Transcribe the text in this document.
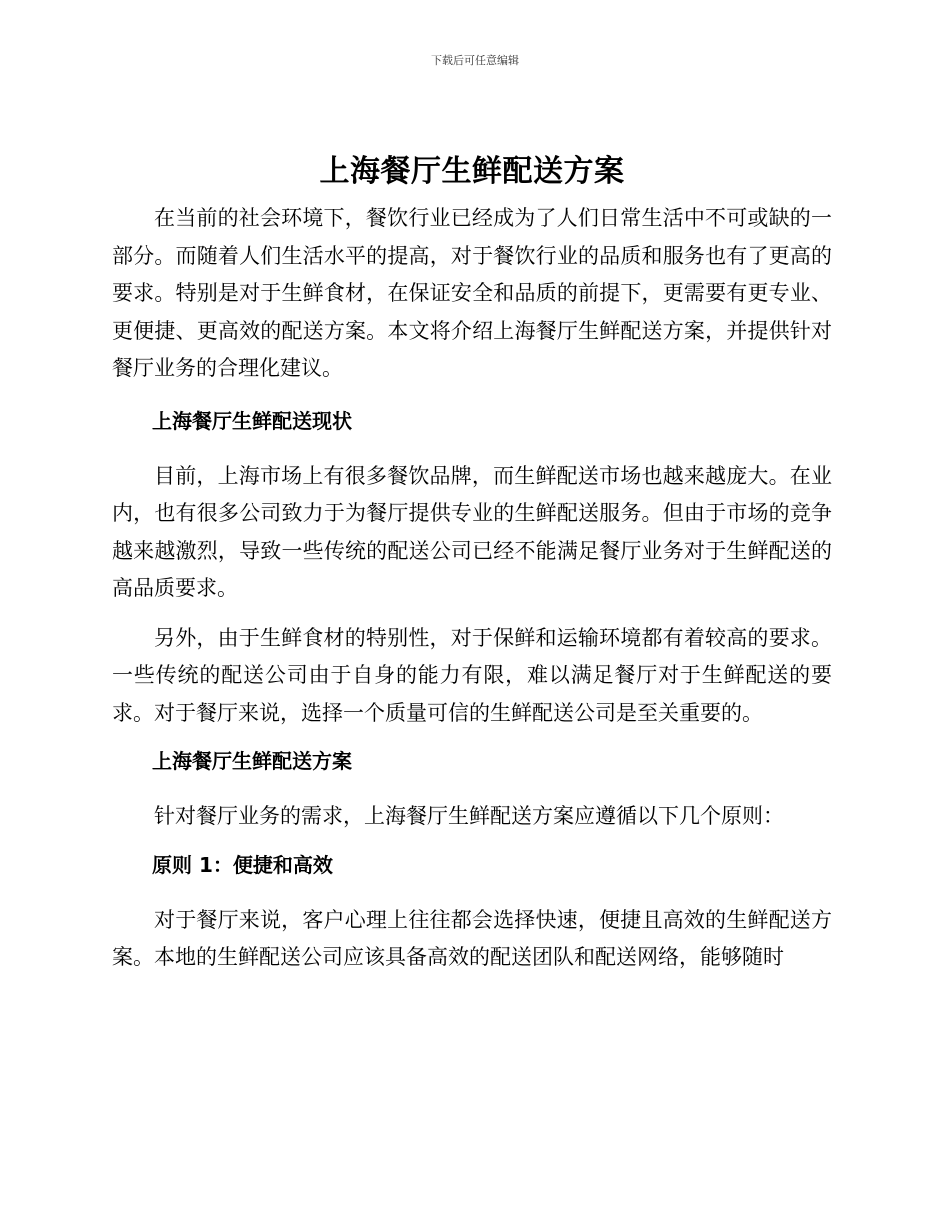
下载后可任意编辑
上海餐厅生鲜配送方案

在当前的社会环境下，餐饮行业已经成为了人们日常生活中不可或缺的一部分。而随着人们生活水平的提高，对于餐饮行业的品质和服务也有了更高的要求。特别是对于生鲜食材，在保证安全和品质的前提下，更需要有更专业、更便捷、更高效的配送方案。本文将介绍上海餐厅生鲜配送方案，并提供针对餐厅业务的合理化建议。

上海餐厅生鲜配送现状

目前，上海市场上有很多餐饮品牌，而生鲜配送市场也越来越庞大。在业内，也有很多公司致力于为餐厅提供专业的生鲜配送服务。但由于市场的竞争越来越激烈，导致一些传统的配送公司已经不能满足餐厅业务对于生鲜配送的高品质要求。

另外，由于生鲜食材的特别性，对于保鲜和运输环境都有着较高的要求。一些传统的配送公司由于自身的能力有限，难以满足餐厅对于生鲜配送的要求。对于餐厅来说，选择一个质量可信的生鲜配送公司是至关重要的。

上海餐厅生鲜配送方案

针对餐厅业务的需求，上海餐厅生鲜配送方案应遵循以下几个原则：

原则 1：便捷和高效

对于餐厅来说，客户心理上往往都会选择快速，便捷且高效的生鲜配送方案。本地的生鲜配送公司应该具备高效的配送团队和配送网络，能够随时
